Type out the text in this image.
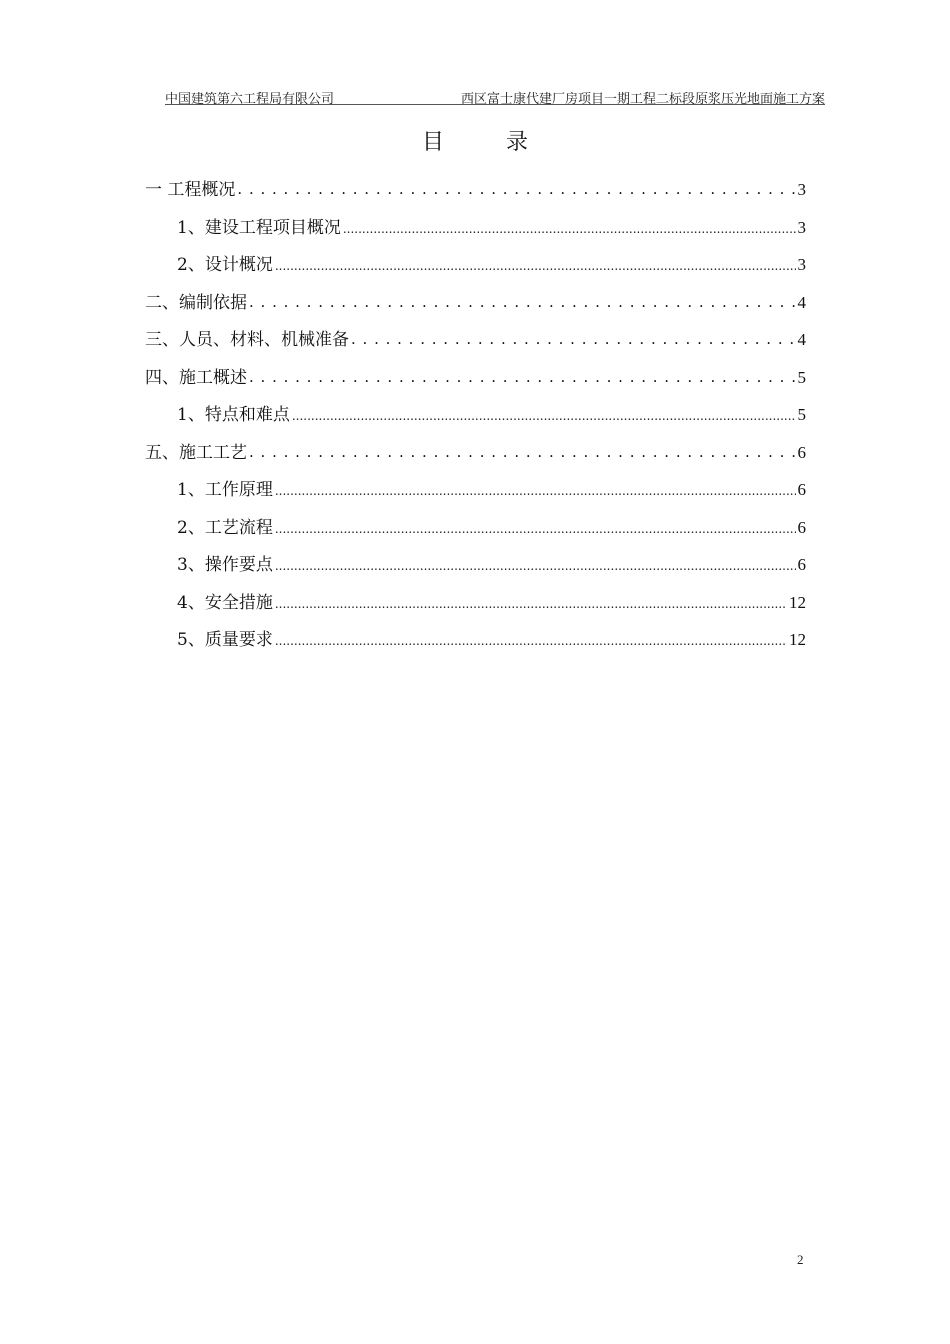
中国建筑第六工程局有限公司	西区富士康代建厂房项目一期工程二标段原浆压光地面施工方案
目录
一 工程概况 . . .	3
1、建设工程项目概况 .....	3
2、设计概况 .....	3
二、编制依据 . . .	4
三、人员、材料、机械准备 . . .	4
四、施工概述 . . .	5
1、特点和难点 .....	5
五、施工工艺 . . .	6
1、工作原理 .....	6
2、工艺流程 .....	6
3、操作要点 .....	6
4、安全措施 .....	12
5、质量要求 .....	12
2
